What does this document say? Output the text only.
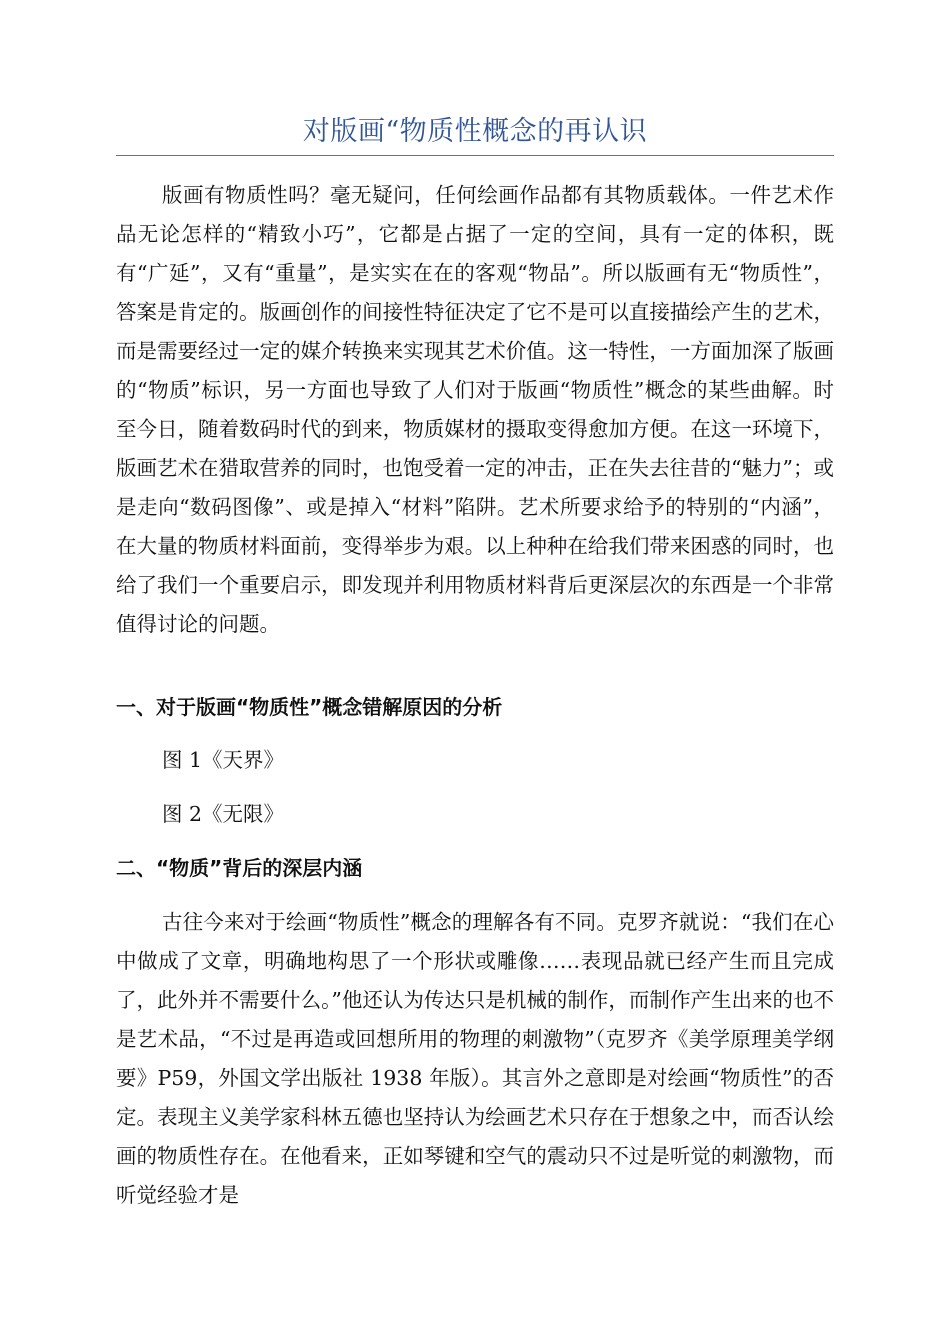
对版画“物质性概念的再认识
版画有物质性吗？毫无疑问，任何绘画作品都有其物质载体。一件艺术作品无论怎样的“精致小巧”，它都是占据了一定的空间，具有一定的体积，既有“广延”，又有“重量”，是实实在在的客观“物品”。所以版画有无“物质性”，答案是肯定的。版画创作的间接性特征决定了它不是可以直接描绘产生的艺术，而是需要经过一定的媒介转换来实现其艺术价值。这一特性，一方面加深了版画的“物质”标识，另一方面也导致了人们对于版画“物质性”概念的某些曲解。时至今日，随着数码时代的到来，物质媒材的摄取变得愈加方便。在这一环境下，版画艺术在猎取营养的同时，也饱受着一定的冲击，正在失去往昔的“魅力”；或是走向“数码图像”、或是掉入“材料”陷阱。艺术所要求给予的特别的“内涵”，在大量的物质材料面前，变得举步为艰。以上种种在给我们带来困惑的同时，也给了我们一个重要启示，即发现并利用物质材料背后更深层次的东西是一个非常值得讨论的问题。
一、对于版画“物质性”概念错解原因的分析
图 1《天界》
图 2《无限》
二、“物质”背后的深层内涵
古往今来对于绘画“物质性”概念的理解各有不同。克罗齐就说：“我们在心中做成了文章，明确地构思了一个形状或雕像……表现品就已经产生而且完成了，此外并不需要什么。”他还认为传达只是机械的制作，而制作产生出来的也不是艺术品，“不过是再造或回想所用的物理的刺激物”（克罗齐《美学原理美学纲要》P59，外国文学出版社 1938 年版）。其言外之意即是对绘画“物质性”的否定。表现主义美学家科林五德也坚持认为绘画艺术只存在于想象之中，而否认绘画的物质性存在。在他看来，正如琴键和空气的震动只不过是听觉的刺激物，而听觉经验才是
